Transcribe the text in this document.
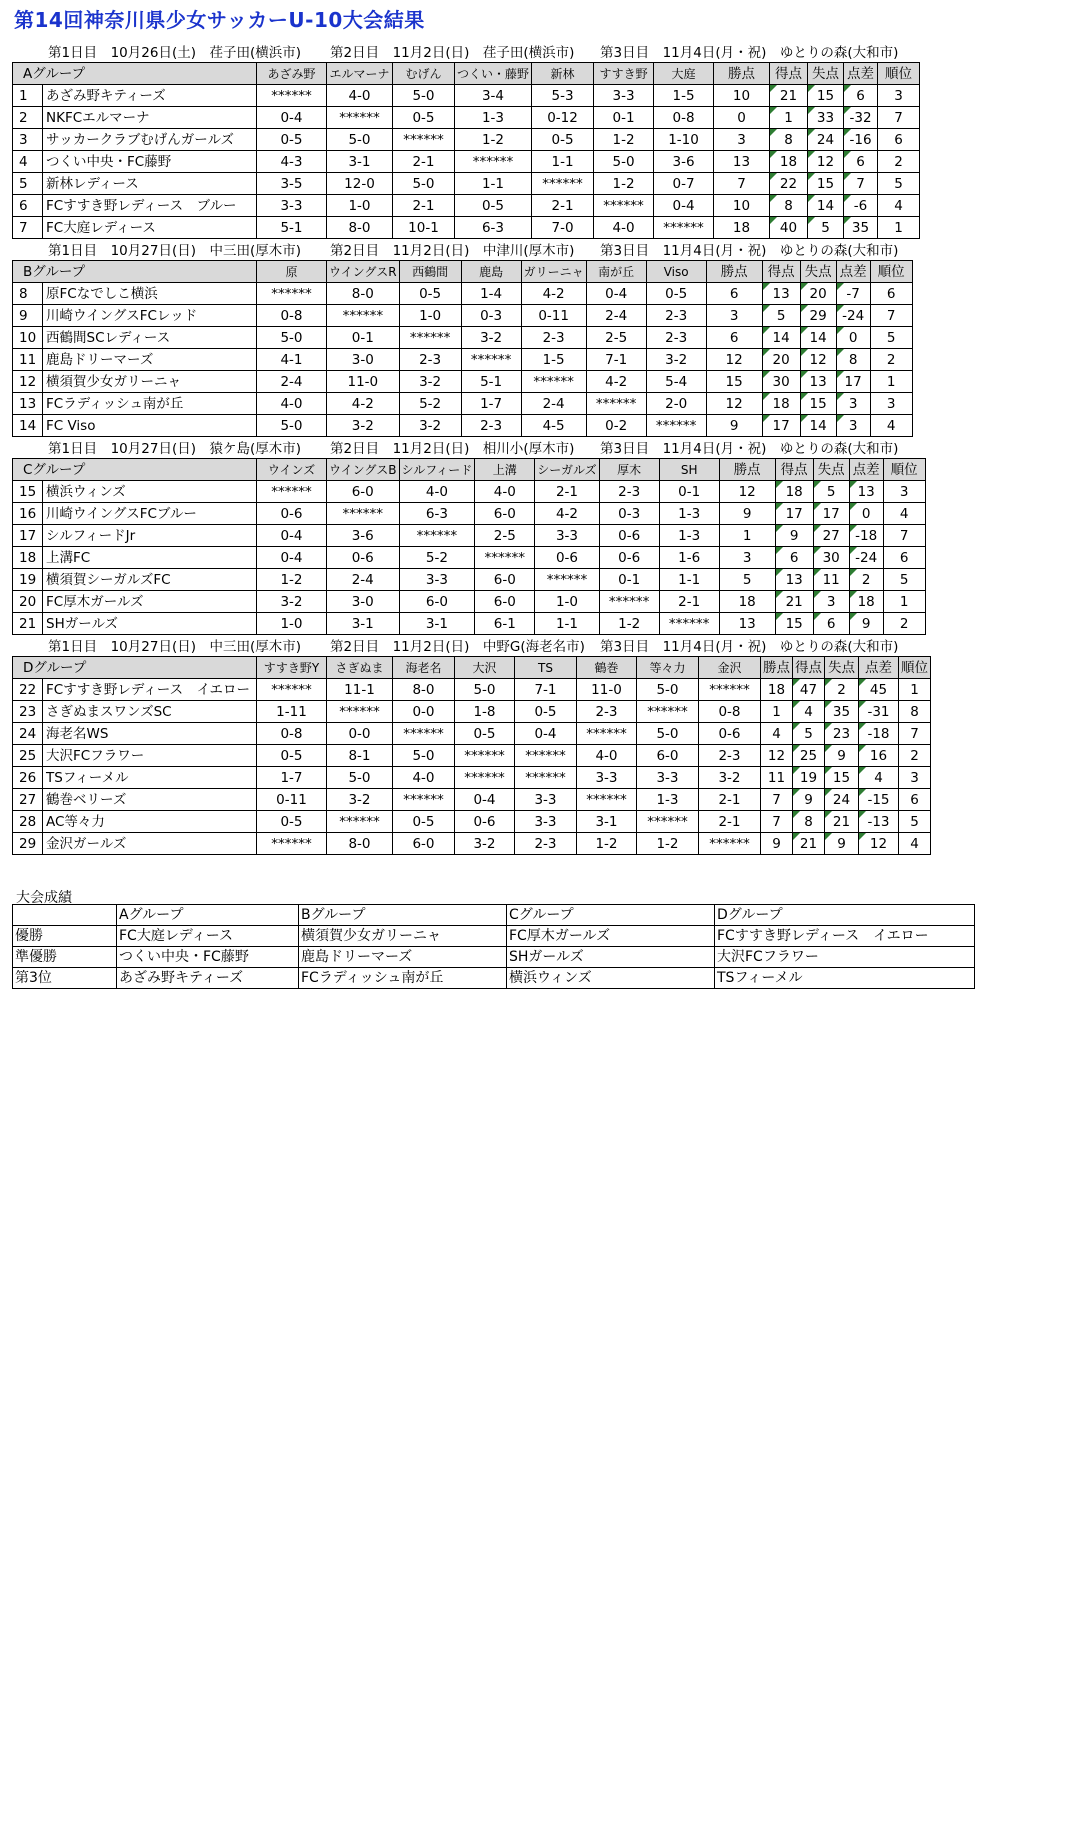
第14回神奈川県少女サッカーU-10大会結果
第1日目　10月26日(土)　荏子田(横浜市) 第2日目　11月2日(日)　荏子田(横浜市) 第3日目　11月4日(月・祝)　ゆとりの森(大和市)
Aグループ		あざみ野	エルマーナ	むげん	つくい・藤野	新林	すすき野	大庭	勝点	得点	失点	点差	順位
1	あざみ野キティーズ	******	4-0	5-0	3-4	5-3	3-3	1-5	10	21	15	6	3
2	NKFCエルマーナ	0-4	******	0-5	1-3	0-12	0-1	0-8	0	1	33	-32	7
3	サッカークラブむげんガールズ	0-5	5-0	******	1-2	0-5	1-2	1-10	3	8	24	-16	6
4	つくい中央・FC藤野	4-3	3-1	2-1	******	1-1	5-0	3-6	13	18	12	6	2
5	新林レディース	3-5	12-0	5-0	1-1	******	1-2	0-7	7	22	15	7	5
6	FCすすき野レディース　ブルー	3-3	1-0	2-1	0-5	2-1	******	0-4	10	8	14	-6	4
7	FC大庭レディース	5-1	8-0	10-1	6-3	7-0	4-0	******	18	40	5	35	1
第1日目　10月27日(日)　中三田(厚木市) 第2日目　11月2日(日)　中津川(厚木市) 第3日目　11月4日(月・祝)　ゆとりの森(大和市)
Bグループ		原	ウイングスR	西鶴間	鹿島	ガリーニャ	南が丘	Viso	勝点	得点	失点	点差	順位
8	原FCなでしこ横浜	******	8-0	0-5	1-4	4-2	0-4	0-5	6	13	20	-7	6
9	川崎ウイングスFCレッド	0-8	******	1-0	0-3	0-11	2-4	2-3	3	5	29	-24	7
10	西鶴間SCレディース	5-0	0-1	******	3-2	2-3	2-5	2-3	6	14	14	0	5
11	鹿島ドリーマーズ	4-1	3-0	2-3	******	1-5	7-1	3-2	12	20	12	8	2
12	横須賀少女ガリーニャ	2-4	11-0	3-2	5-1	******	4-2	5-4	15	30	13	17	1
13	FCラディッシュ南が丘	4-0	4-2	5-2	1-7	2-4	******	2-0	12	18	15	3	3
14	FC Viso	5-0	3-2	3-2	2-3	4-5	0-2	******	9	17	14	3	4
第1日目　10月27日(日)　猿ケ島(厚木市) 第2日目　11月2日(日)　相川小(厚木市) 第3日目　11月4日(月・祝)　ゆとりの森(大和市)
Cグループ		ウインズ	ウイングスB	シルフィード	上溝	シーガルズ	厚木	SH	勝点	得点	失点	点差	順位
15	横浜ウィンズ	******	6-0	4-0	4-0	2-1	2-3	0-1	12	18	5	13	3
16	川崎ウイングスFCブルー	0-6	******	6-3	6-0	4-2	0-3	1-3	9	17	17	0	4
17	シルフィードJr	0-4	3-6	******	2-5	3-3	0-6	1-3	1	9	27	-18	7
18	上溝FC	0-4	0-6	5-2	******	0-6	0-6	1-6	3	6	30	-24	6
19	横須賀シーガルズFC	1-2	2-4	3-3	6-0	******	0-1	1-1	5	13	11	2	5
20	FC厚木ガールズ	3-2	3-0	6-0	6-0	1-0	******	2-1	18	21	3	18	1
21	SHガールズ	1-0	3-1	3-1	6-1	1-1	1-2	******	13	15	6	9	2
第1日目　10月27日(日)　中三田(厚木市) 第2日目　11月2日(日)　中野G(海老名市) 第3日目　11月4日(月・祝)　ゆとりの森(大和市)
Dグループ		すすき野Y	さぎぬま	海老名	大沢	TS	鶴巻	等々力	金沢	勝点	得点	失点	点差	順位
22	FCすすき野レディース　イエロー	******	11-1	8-0	5-0	7-1	11-0	5-0	******	18	47	2	45	1
23	さぎぬまスワンズSC	1-11	******	0-0	1-8	0-5	2-3	******	0-8	1	4	35	-31	8
24	海老名WS	0-8	0-0	******	0-5	0-4	******	5-0	0-6	4	5	23	-18	7
25	大沢FCフラワー	0-5	8-1	5-0	******	******	4-0	6-0	2-3	12	25	9	16	2
26	TSフィーメル	1-7	5-0	4-0	******	******	3-3	3-3	3-2	11	19	15	4	3
27	鶴巻ベリーズ	0-11	3-2	******	0-4	3-3	******	1-3	2-1	7	9	24	-15	6
28	AC等々力	0-5	******	0-5	0-6	3-3	3-1	******	2-1	7	8	21	-13	5
29	金沢ガールズ	******	8-0	6-0	3-2	2-3	1-2	1-2	******	9	21	9	12	4
大会成績
	Aグループ	Bグループ	Cグループ	Dグループ
優勝	FC大庭レディース	横須賀少女ガリーニャ	FC厚木ガールズ	FCすすき野レディース　イエロー
準優勝	つくい中央・FC藤野	鹿島ドリーマーズ	SHガールズ	大沢FCフラワー
第3位	あざみ野キティーズ	FCラディッシュ南が丘	横浜ウィンズ	TSフィーメル
